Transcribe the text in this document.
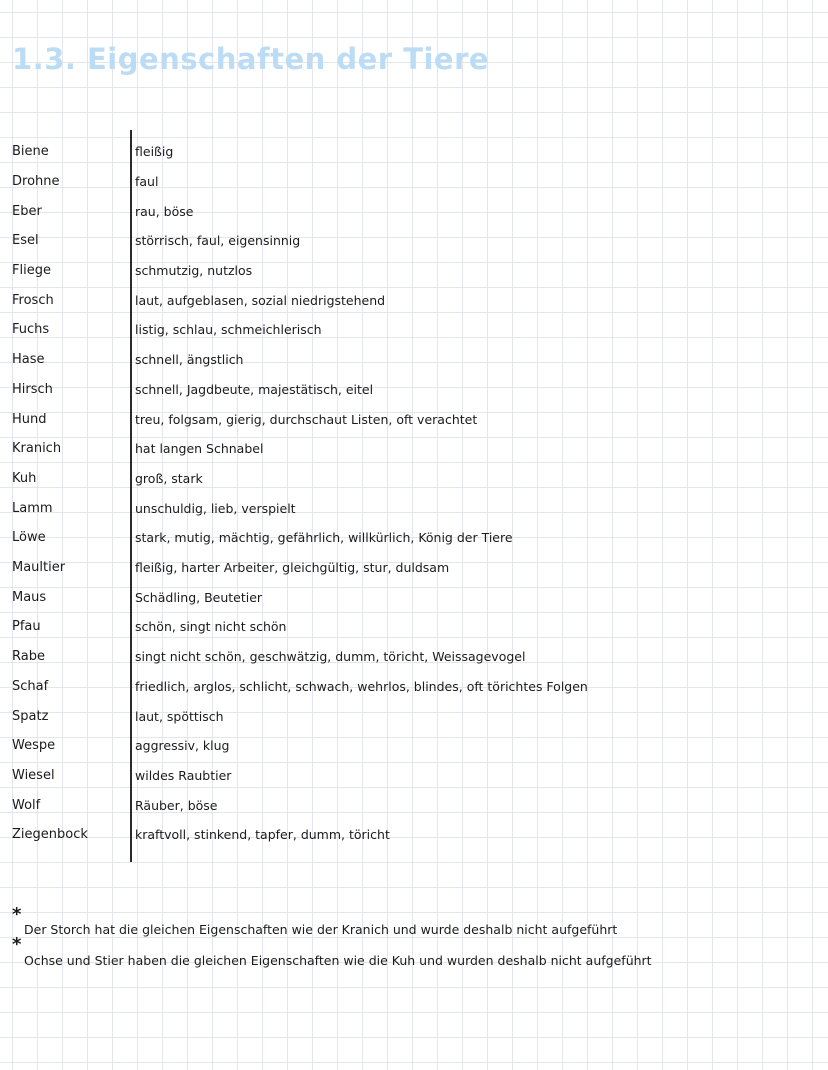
1.3. Eigenschaften der Tiere
Biene	fleißig
Drohne	faul
Eber	rau, böse
Esel	störrisch, faul, eigensinnig
Fliege	schmutzig, nutzlos
Frosch	laut, aufgeblasen, sozial niedrigstehend
Fuchs	listig, schlau, schmeichlerisch
Hase	schnell, ängstlich
Hirsch	schnell, Jagdbeute, majestätisch, eitel
Hund	treu, folgsam, gierig, durchschaut Listen, oft verachtet
Kranich	hat langen Schnabel
Kuh	groß, stark
Lamm	unschuldig, lieb, verspielt
Löwe	stark, mutig, mächtig, gefährlich, willkürlich, König der Tiere
Maultier	fleißig, harter Arbeiter, gleichgültig, stur, duldsam
Maus	Schädling, Beutetier
Pfau	schön, singt nicht schön
Rabe	singt nicht schön, geschwätzig, dumm, töricht, Weissagevogel
Schaf	friedlich, arglos, schlicht, schwach, wehrlos, blindes, oft törichtes Folgen
Spatz	laut, spöttisch
Wespe	aggressiv, klug
Wiesel	wildes Raubtier
Wolf	Räuber, böse
Ziegenbock	kraftvoll, stinkend, tapfer, dumm, töricht
*
Der Storch hat die gleichen Eigenschaften wie der Kranich und wurde deshalb nicht aufgeführt
*
Ochse und Stier haben die gleichen Eigenschaften wie die Kuh und wurden deshalb nicht aufgeführt
